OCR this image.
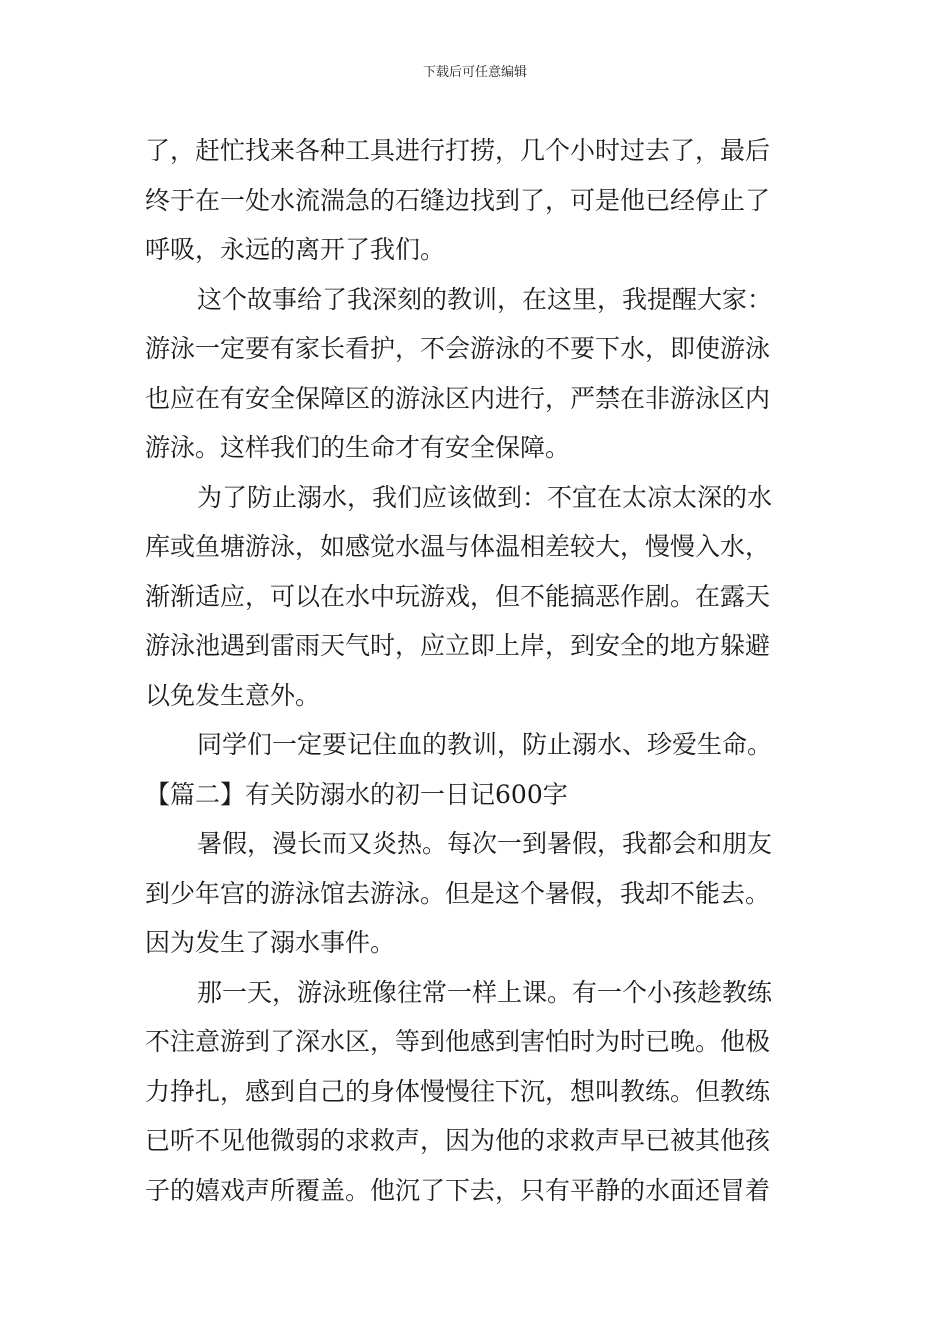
下载后可任意编辑
了，赶忙找来各种工具进行打捞，几个小时过去了，最后
终于在一处水流湍急的石缝边找到了，可是他已经停止了
呼吸，永远的离开了我们。
这个故事给了我深刻的教训，在这里，我提醒大家：
游泳一定要有家长看护，不会游泳的不要下水，即使游泳
也应在有安全保障区的游泳区内进行，严禁在非游泳区内
游泳。这样我们的生命才有安全保障。
为了防止溺水，我们应该做到：不宜在太凉太深的水
库或鱼塘游泳，如感觉水温与体温相差较大，慢慢入水，
渐渐适应，可以在水中玩游戏，但不能搞恶作剧。在露天
游泳池遇到雷雨天气时，应立即上岸，到安全的地方躲避
以免发生意外。
同学们一定要记住血的教训，防止溺水、珍爱生命。
【篇二】有关防溺水的初一日记600字
暑假，漫长而又炎热。每次一到暑假，我都会和朋友
到少年宫的游泳馆去游泳。但是这个暑假，我却不能去。
因为发生了溺水事件。
那一天，游泳班像往常一样上课。有一个小孩趁教练
不注意游到了深水区，等到他感到害怕时为时已晚。他极
力挣扎，感到自己的身体慢慢往下沉，想叫教练。但教练
已听不见他微弱的求救声，因为他的求救声早已被其他孩
子的嬉戏声所覆盖。他沉了下去，只有平静的水面还冒着
